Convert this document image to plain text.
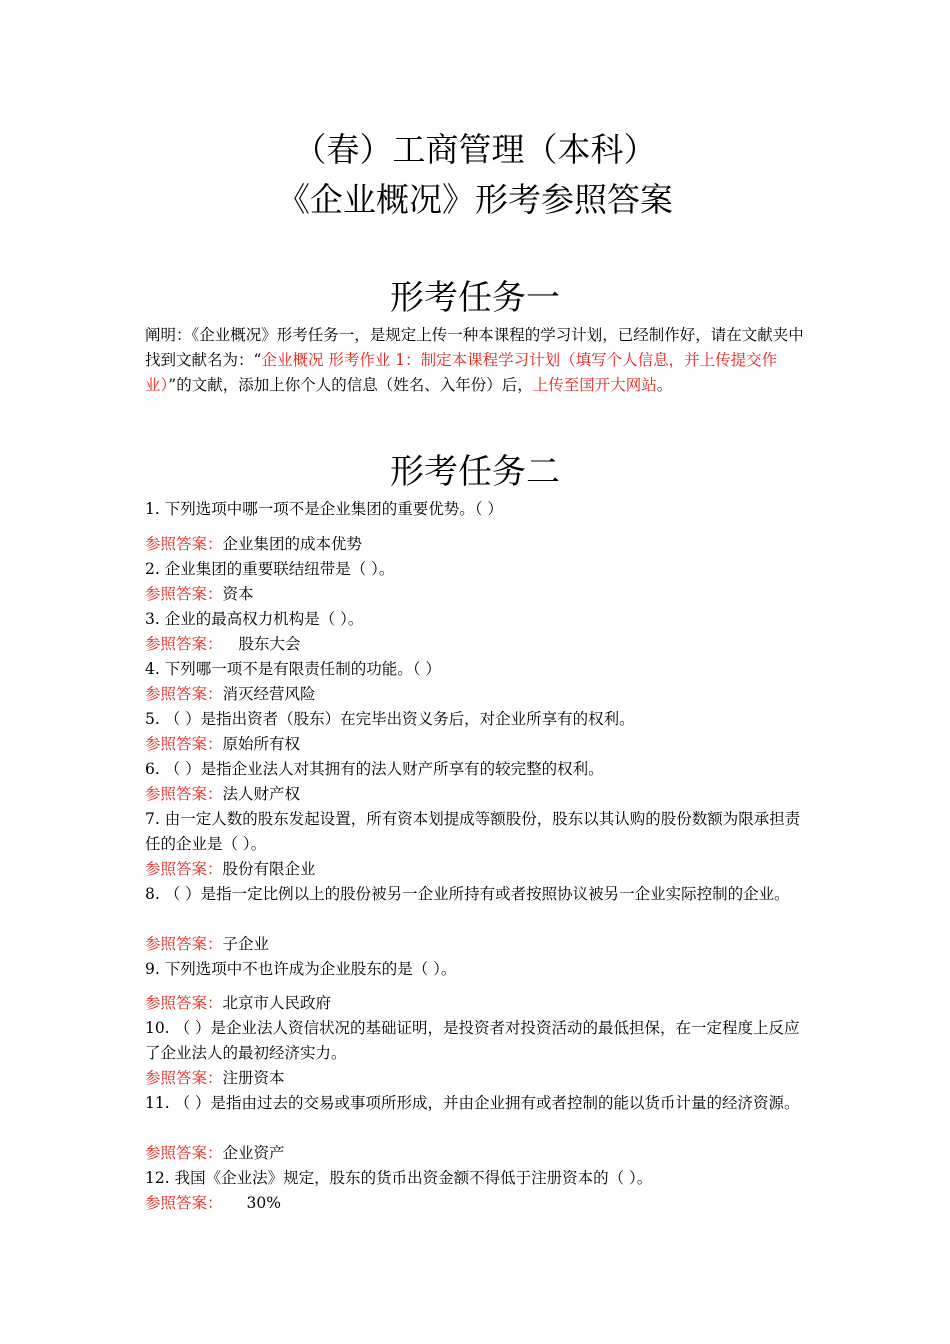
（春）工商管理（本科）
《企业概况》形考参照答案
形考任务一
阐明：《企业概况》形考任务一，是规定上传一种本课程的学习计划，已经制作好，请在文献夹中找到文献名为：“企业概况 形考作业 1：制定本课程学习计划（填写个人信息，并上传提交作业）”的文献，添加上你个人的信息（姓名、入年份）后，上传至国开大网站。
形考任务二
1. 下列选项中哪一项不是企业集团的重要优势。（ ）
参照答案：企业集团的成本优势
2. 企业集团的重要联结纽带是（ ）。
参照答案：资本
3. 企业的最高权力机构是（ ）。
参照答案： 股东大会
4. 下列哪一项不是有限责任制的功能。（ ）
参照答案：消灭经营风险
5. （ ）是指出资者（股东）在完毕出资义务后，对企业所享有的权利。
参照答案：原始所有权
6. （ ）是指企业法人对其拥有的法人财产所享有的较完整的权利。
参照答案：法人财产权
7. 由一定人数的股东发起设置，所有资本划提成等额股份，股东以其认购的股份数额为限承担责任的企业是（ ）。
参照答案：股份有限企业
8. （ ）是指一定比例以上的股份被另一企业所持有或者按照协议被另一企业实际控制的企业。
参照答案：子企业
9. 下列选项中不也许成为企业股东的是（ ）。
参照答案：北京市人民政府
10. （ ）是企业法人资信状况的基础证明，是投资者对投资活动的最低担保，在一定程度上反应了企业法人的最初经济实力。
参照答案：注册资本
11. （ ）是指由过去的交易或事项所形成，并由企业拥有或者控制的能以货币计量的经济资源。
参照答案：企业资产
12. 我国《企业法》规定，股东的货币出资金额不得低于注册资本的（ ）。
参照答案： 30%
